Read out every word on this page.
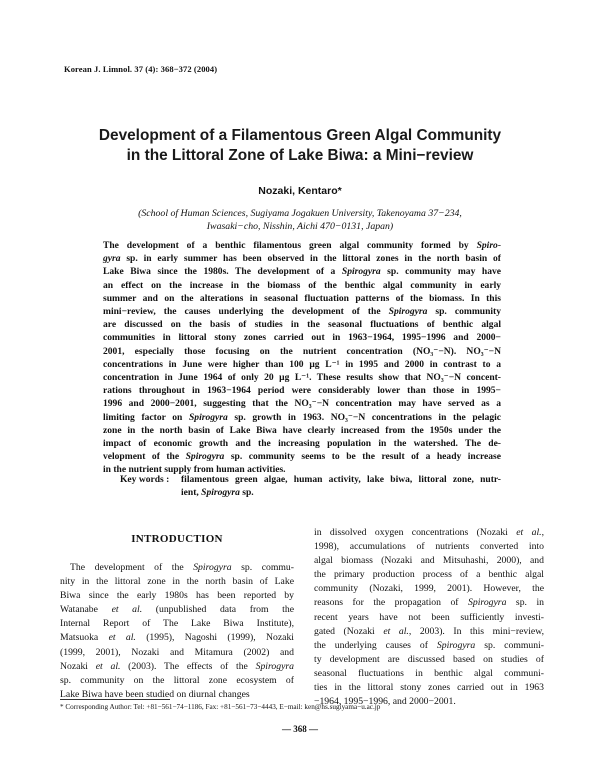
Korean J. Limnol. 37 (4): 368−372 (2004)
Development of a Filamentous Green Algal Community
in the Littoral Zone of Lake Biwa: a Mini−review
Nozaki, Kentaro*
(School of Human Sciences, Sugiyama Jogakuen University, Takenoyama 37−234,
Iwasaki−cho, Nisshin, Aichi 470−0131, Japan)
The development of a benthic filamentous green algal community formed by Spiro-
gyra sp. in early summer has been observed in the littoral zones in the north basin of
Lake Biwa since the 1980s. The development of a Spirogyra sp. community may have
an effect on the increase in the biomass of the benthic algal community in early
summer and on the alterations in seasonal fluctuation patterns of the biomass. In this
mini−review, the causes underlying the development of the Spirogyra sp. community
are discussed on the basis of studies in the seasonal fluctuations of benthic algal
communities in littoral stony zones carried out in 1963−1964, 1995−1996 and 2000−
2001, especially those focusing on the nutrient concentration (NO₃⁻−N). NO₃⁻−N
concentrations in June were higher than 100 μg L⁻¹ in 1995 and 2000 in contrast to a
concentration in June 1964 of only 20 μg L⁻¹. These results show that NO₃⁻−N concent-
rations throughout in 1963−1964 period were considerably lower than those in 1995−
1996 and 2000−2001, suggesting that the NO₃⁻−N concentration may have served as a
limiting factor on Spirogyra sp. growth in 1963. NO₃⁻−N concentrations in the pelagic
zone in the north basin of Lake Biwa have clearly increased from the 1950s under the
impact of economic growth and the increasing population in the watershed. The de-
velopment of the Spirogyra sp. community seems to be the result of a heady increase
in the nutrient supply from human activities.
Key words : filamentous green algae, human activity, lake biwa, littoral zone, nutr-
ient, Spirogyra sp.
INTRODUCTION
The development of the Spirogyra sp. commu-
nity in the littoral zone in the north basin of Lake
Biwa since the early 1980s has been reported by
Watanabe et al. (unpublished data from the
Internal Report of The Lake Biwa Institute),
Matsuoka et al. (1995), Nagoshi (1999), Nozaki
(1999, 2001), Nozaki and Mitamura (2002) and
Nozaki et al. (2003). The effects of the Spirogyra
sp. community on the littoral zone ecosystem of
Lake Biwa have been studied on diurnal changes
in dissolved oxygen concentrations (Nozaki et al.,
1998), accumulations of nutrients converted into
algal biomass (Nozaki and Mitsuhashi, 2000), and
the primary production process of a benthic algal
community (Nozaki, 1999, 2001). However, the
reasons for the propagation of Spirogyra sp. in
recent years have not been sufficiently investi-
gated (Nozaki et al., 2003). In this mini−review,
the underlying causes of Spirogyra sp. communi-
ty development are discussed based on studies of
seasonal fluctuations in benthic algal communi-
ties in the littoral stony zones carried out in 1963
−1964, 1995−1996, and 2000−2001.
* Corresponding Author: Tel: +81−561−74−1186, Fax: +81−561−73−4443, E−mail: ken@hs.sugiyama−u.ac.jp
— 368 —
